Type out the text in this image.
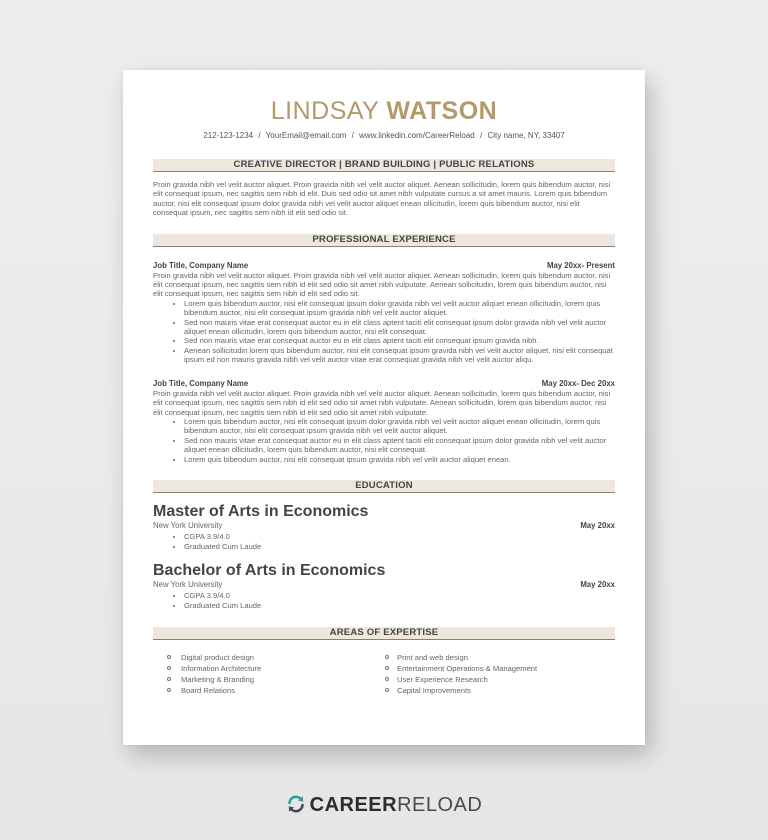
LINDSAY WATSON
212-123-1234 / YourEmail@email.com / www.linkedin.com/CareerReload / City name, NY, 33407
CREATIVE DIRECTOR | BRAND BUILDING | PUBLIC RELATIONS
Proin gravida nibh vel velit auctor aliquet. Proin gravida nibh vel velit auctor aliquet. Aenean sollicitudin, lorem quis bibendum auctor, nisi elit consequat ipsum, nec sagittis sem nibh id elit. Duis sed odio sit amet nibh vulputate cursus a sit amet mauris. Lorem quis bibendum auctor, nisi elit consequat ipsum dolor gravida nibh vel velit auctor aliquet enean ollicitudin, lorem quis bibendum auctor, nisi elit consequat ipsum, nec sagittis sem nibh id elit sed odio sit.
PROFESSIONAL EXPERIENCE
Job Title, Company Name	May 20xx- Present
Proin gravida nibh vel velit auctor aliquet. Proin gravida nibh vel velit auctor aliquet. Aenean sollicitudin, lorem quis bibendum auctor, nisi elit consequat ipsum, nec sagittis sem nibh id elit sed odio sit amet nibh vulputate. Aenean sollicitudin, lorem quis bibendum auctor, nisi elit consequat ipsum, nec sagittis sem nibh id elit sed odio sit.
• Lorem quis bibendum auctor, nisi elit consequat ipsum dolor gravida nibh vel velit auctor aliquet enean ollicitudin, lorem quis bibendum auctor, nisi elit consequat ipsum gravida nibh vel velit auctor aliquet.
• Sed non mauris vitae erat consequat auctor eu in elit class aptent taciti elit consequat ipsum dolor gravida nibh vel velit auctor aliquet enean ollicitudin, lorem quis bibendum auctor, nisi elit consequat.
• Sed non mauris vitae erat consequat auctor eu in elit class aptent taciti elit consequat ipsum gravida nibh.
• Aenean sollicitudin lorem quis bibendum auctor, nisi elit consequat ipsum gravida nibh vel velit auctor aliquet, nisi elit consequat ipsum ed non mauris gravida nibh vel velit auctor vitae erat consequat gravida nibh vel velit auctor aliqu.
Job Title, Company Name	May 20xx- Dec 20xx
Proin gravida nibh vel velit auctor aliquet. Proin gravida nibh vel velit auctor aliquet. Aenean sollicitudin, lorem quis bibendum auctor, nisi elit consequat ipsum, nec sagittis sem nibh id elit sed odio sit amet nibh vulputate. Aenean sollicitudin, lorem quis bibendum auctor, nisi elit consequat ipsum, nec sagittis sem nibh id elit sed odio sit amet nibh vulputate.
• Lorem quis bibendum auctor, nisi elit consequat ipsum dolor gravida nibh vel velit auctor aliquet enean ollicitudin, lorem quis bibendum auctor, nisi elit consequat ipsum gravida nibh vel velit auctor aliquet.
• Sed non mauris vitae erat consequat auctor eu in elit class aptent taciti elit consequat ipsum dolor gravida nibh vel velit auctor aliquet enean ollicitudin, lorem quis bibendum auctor, nisi elit consequat.
• Lorem quis bibendum auctor, nisi elit consequat ipsum gravida nibh vel velit auctor aliquet enean.
EDUCATION
Master of Arts in Economics
New York University	May 20xx
• CGPA 3.9/4.0
• Graduated Cum Laude
Bachelor of Arts in Economics
New York University	May 20xx
• CGPA 3.9/4.0
• Graduated Cum Laude
AREAS OF EXPERTISE
Digital product design
Information Architecture
Marketing & Branding
Board Relations
Print and web design
Entertainment Operations & Management
User Experience Research
Capital Improvements
CAREERRELOAD
